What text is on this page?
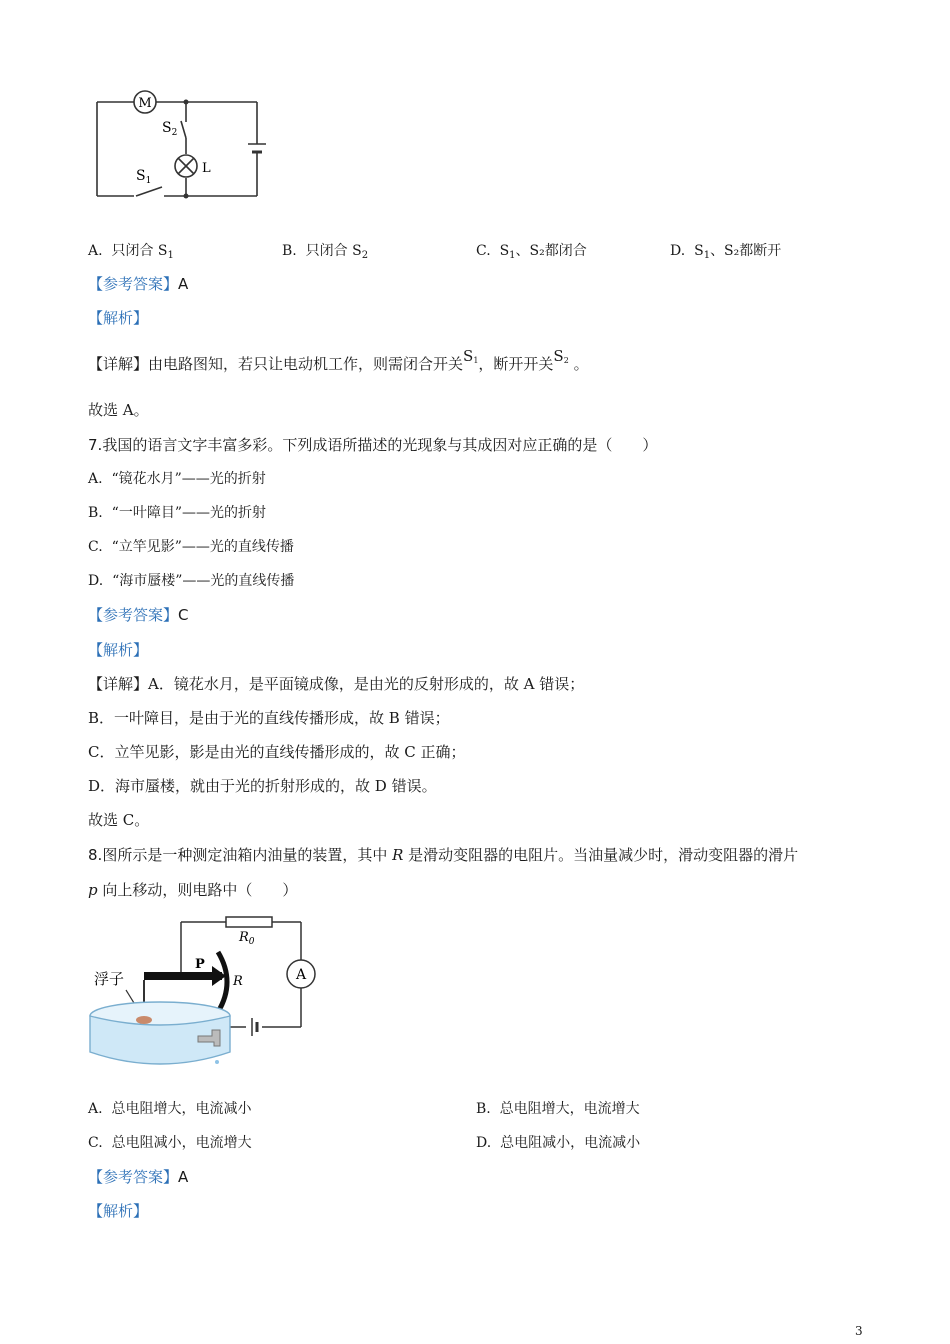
M
$S_2$
L
$S_1$
A. 只闭合 $S_1$	B. 只闭合 $S_2$	C. $S_1$、S₂都闭合	D. $S_1$、S₂都断开
【参考答案】A
【解析】
【详解】由电路图知，若只让电动机工作，则需闭合开关$S_1$，断开开关$S_2$ 。
故选 A。
7.我国的语言文字丰富多彩。下列成语所描述的光现象与其成因对应正确的是（　　）
A. “镜花水月”——光的折射
B. “一叶障目”——光的折射
C. “立竿见影”——光的直线传播
D. “海市蜃楼”——光的直线传播
【参考答案】C
【解析】
【详解】A．镜花水月，是平面镜成像，是由光的反射形成的，故 A 错误；
B．一叶障目，是由于光的直线传播形成，故 B 错误；
C．立竿见影，影是由光的直线传播形成的，故 C 正确；
D．海市蜃楼，就由于光的折射形成的，故 D 错误。
故选 C。
8.图所示是一种测定油箱内油量的装置，其中 R 是滑动变阻器的电阻片。当油量减少时，滑动变阻器的滑片
p 向上移动，则电路中（　　）
$R_0$
A
R
P
浮子
A. 总电阻增大，电流减小	B. 总电阻增大，电流增大
C. 总电阻减小，电流增大	D. 总电阻减小，电流减小
【参考答案】A
【解析】
3
